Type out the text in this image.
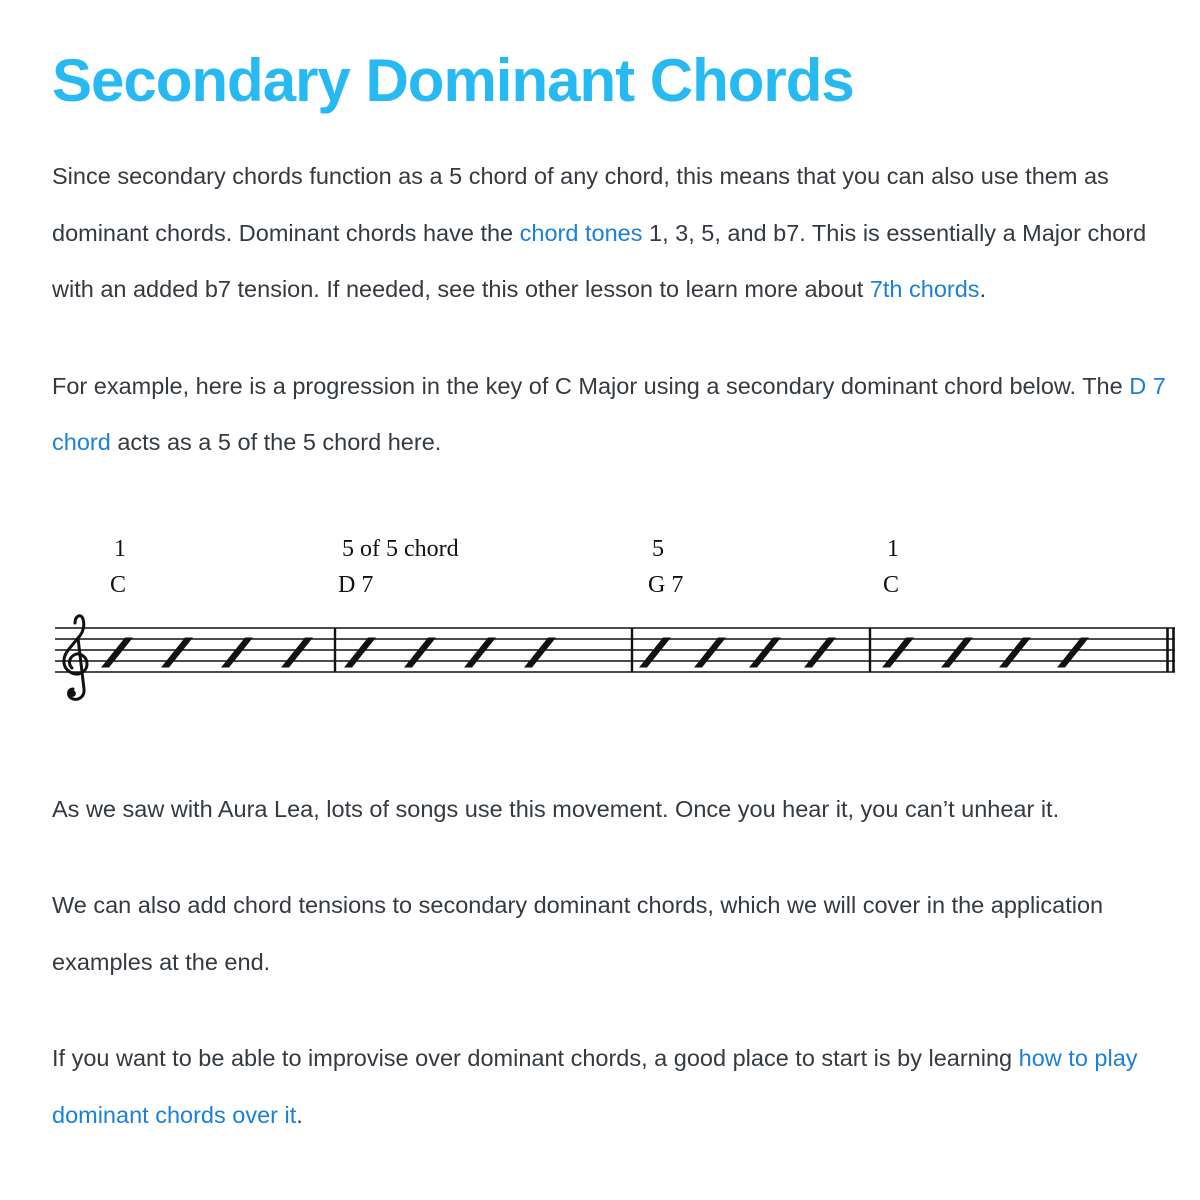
Secondary Dominant Chords

Since secondary chords function as a 5 chord of any chord, this means that you can also use them as dominant chords. Dominant chords have the chord tones 1, 3, 5, and b7. This is essentially a Major chord with an added b7 tension. If needed, see this other lesson to learn more about 7th chords.

For example, here is a progression in the key of C Major using a secondary dominant chord below. The D 7 chord acts as a 5 of the 5 chord here.

1
C
5 of 5 chord
D 7
5
G 7
1
C

As we saw with Aura Lea, lots of songs use this movement. Once you hear it, you can’t unhear it.

We can also add chord tensions to secondary dominant chords, which we will cover in the application examples at the end.

If you want to be able to improvise over dominant chords, a good place to start is by learning how to play dominant chords over it.
